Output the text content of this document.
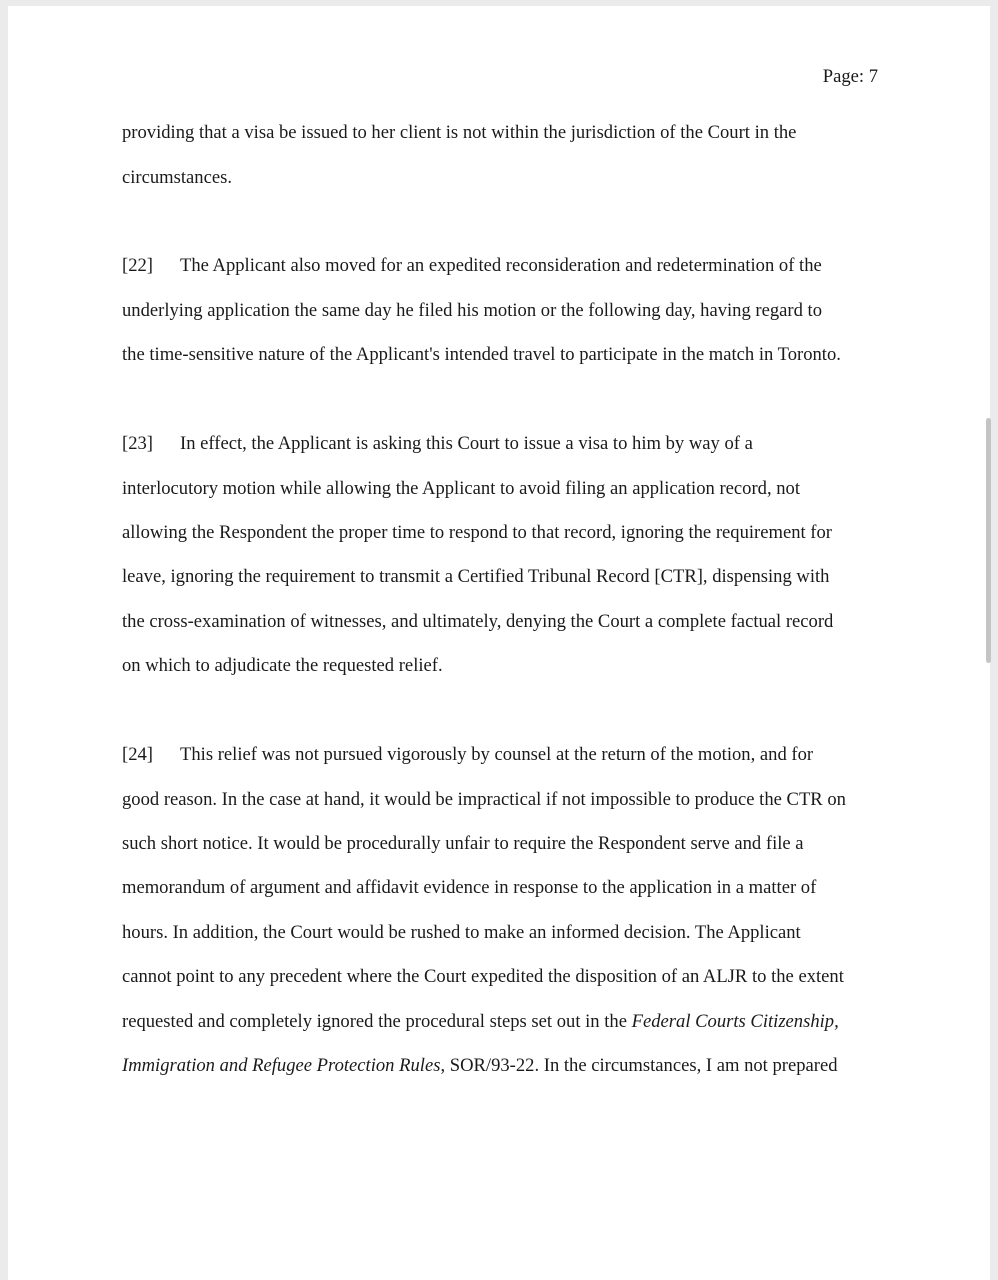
Page: 7
providing that a visa be issued to her client is not within the jurisdiction of the Court in the
circumstances.
[22] The Applicant also moved for an expedited reconsideration and redetermination of the
underlying application the same day he filed his motion or the following day, having regard to
the time-sensitive nature of the Applicant's intended travel to participate in the match in Toronto.
[23] In effect, the Applicant is asking this Court to issue a visa to him by way of a
interlocutory motion while allowing the Applicant to avoid filing an application record, not
allowing the Respondent the proper time to respond to that record, ignoring the requirement for
leave, ignoring the requirement to transmit a Certified Tribunal Record [CTR], dispensing with
the cross-examination of witnesses, and ultimately, denying the Court a complete factual record
on which to adjudicate the requested relief.
[24] This relief was not pursued vigorously by counsel at the return of the motion, and for
good reason. In the case at hand, it would be impractical if not impossible to produce the CTR on
such short notice. It would be procedurally unfair to require the Respondent serve and file a
memorandum of argument and affidavit evidence in response to the application in a matter of
hours. In addition, the Court would be rushed to make an informed decision. The Applicant
cannot point to any precedent where the Court expedited the disposition of an ALJR to the extent
requested and completely ignored the procedural steps set out in the Federal Courts Citizenship,
Immigration and Refugee Protection Rules, SOR/93-22. In the circumstances, I am not prepared
